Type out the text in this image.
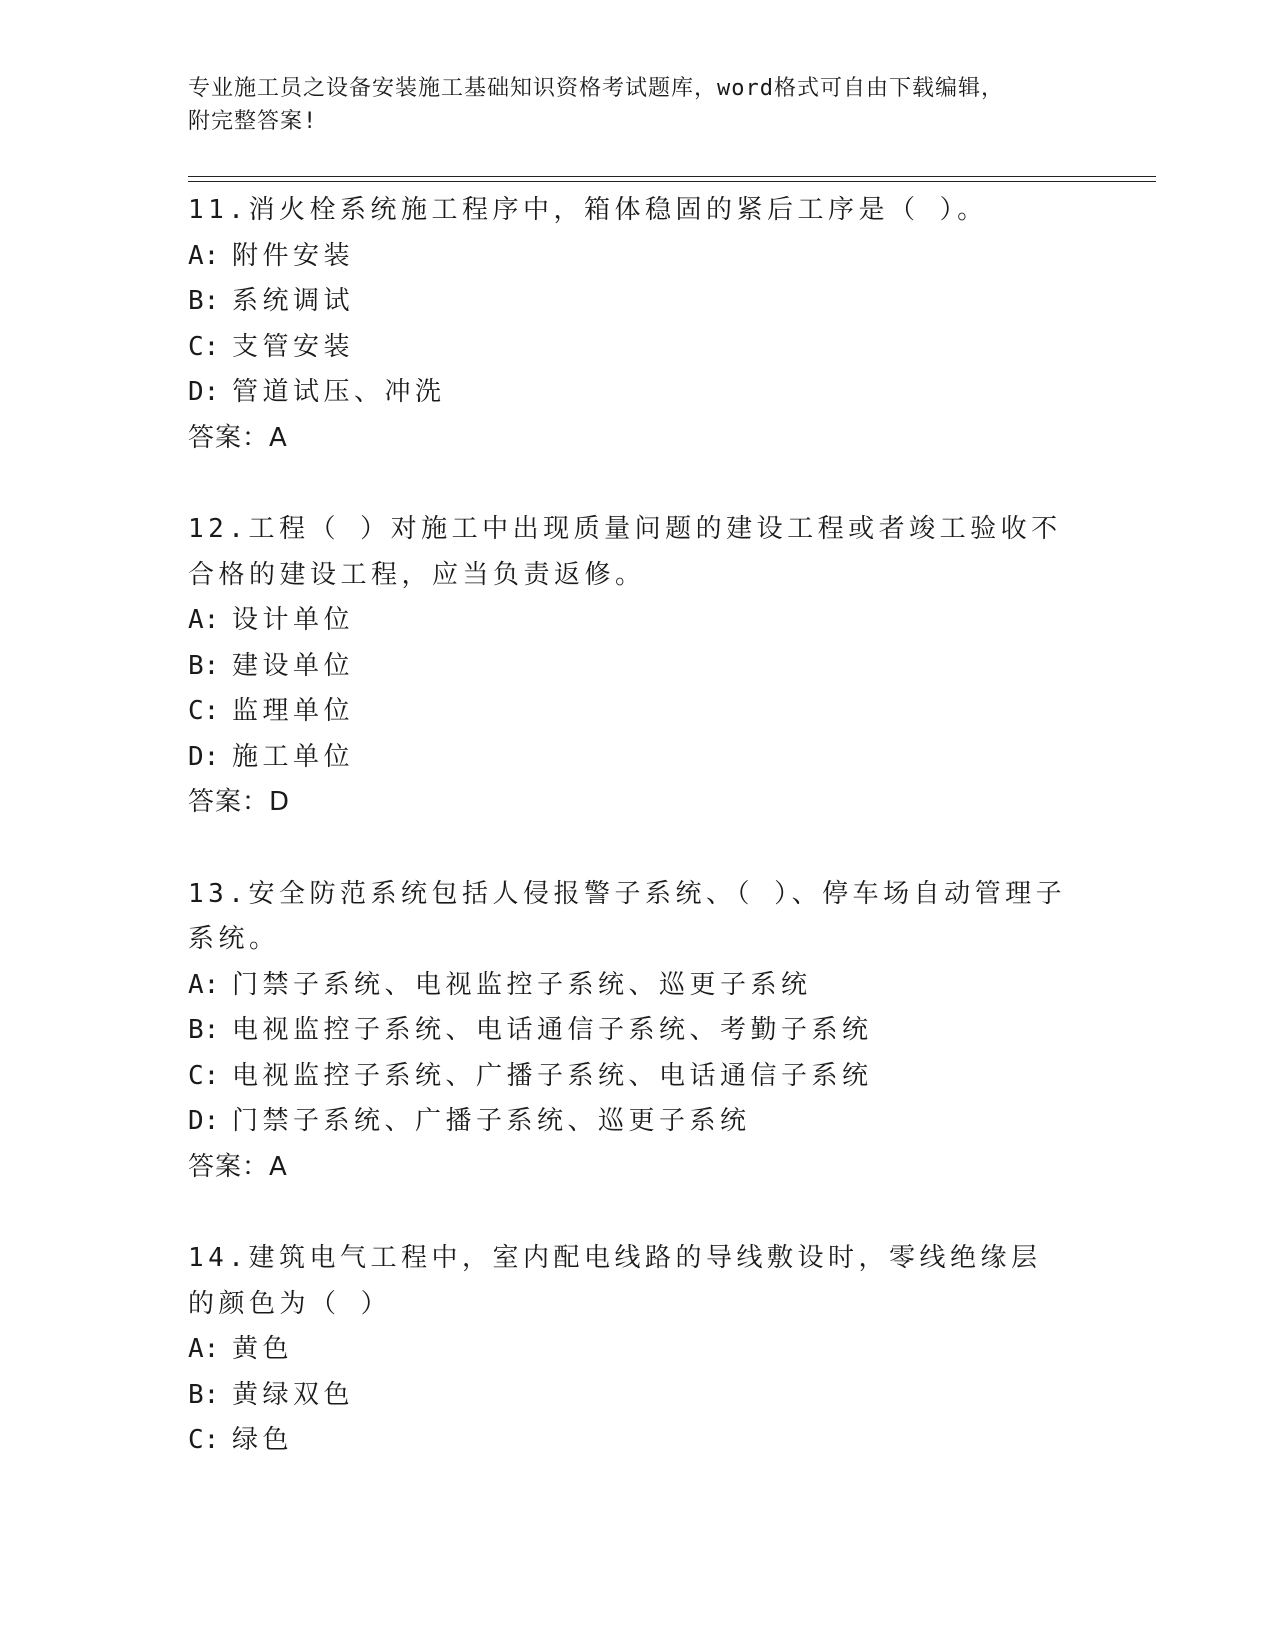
专业施工员之设备安装施工基础知识资格考试题库，word格式可自由下载编辑，
附完整答案!
11.消火栓系统施工程序中，箱体稳固的紧后工序是（ ）。
A: 附件安装
B: 系统调试
C: 支管安装
D: 管道试压、冲洗
答案：A
12.工程（ ）对施工中出现质量问题的建设工程或者竣工验收不合格的建设工程，应当负责返修。
A: 设计单位
B: 建设单位
C: 监理单位
D: 施工单位
答案：D
13.安全防范系统包括人侵报警子系统、（ ）、停车场自动管理子系统。
A: 门禁子系统、电视监控子系统、巡更子系统
B: 电视监控子系统、电话通信子系统、考勤子系统
C: 电视监控子系统、广播子系统、电话通信子系统
D: 门禁子系统、广播子系统、巡更子系统
答案：A
14.建筑电气工程中，室内配电线路的导线敷设时，零线绝缘层的颜色为（ ）
A: 黄色
B: 黄绿双色
C: 绿色
